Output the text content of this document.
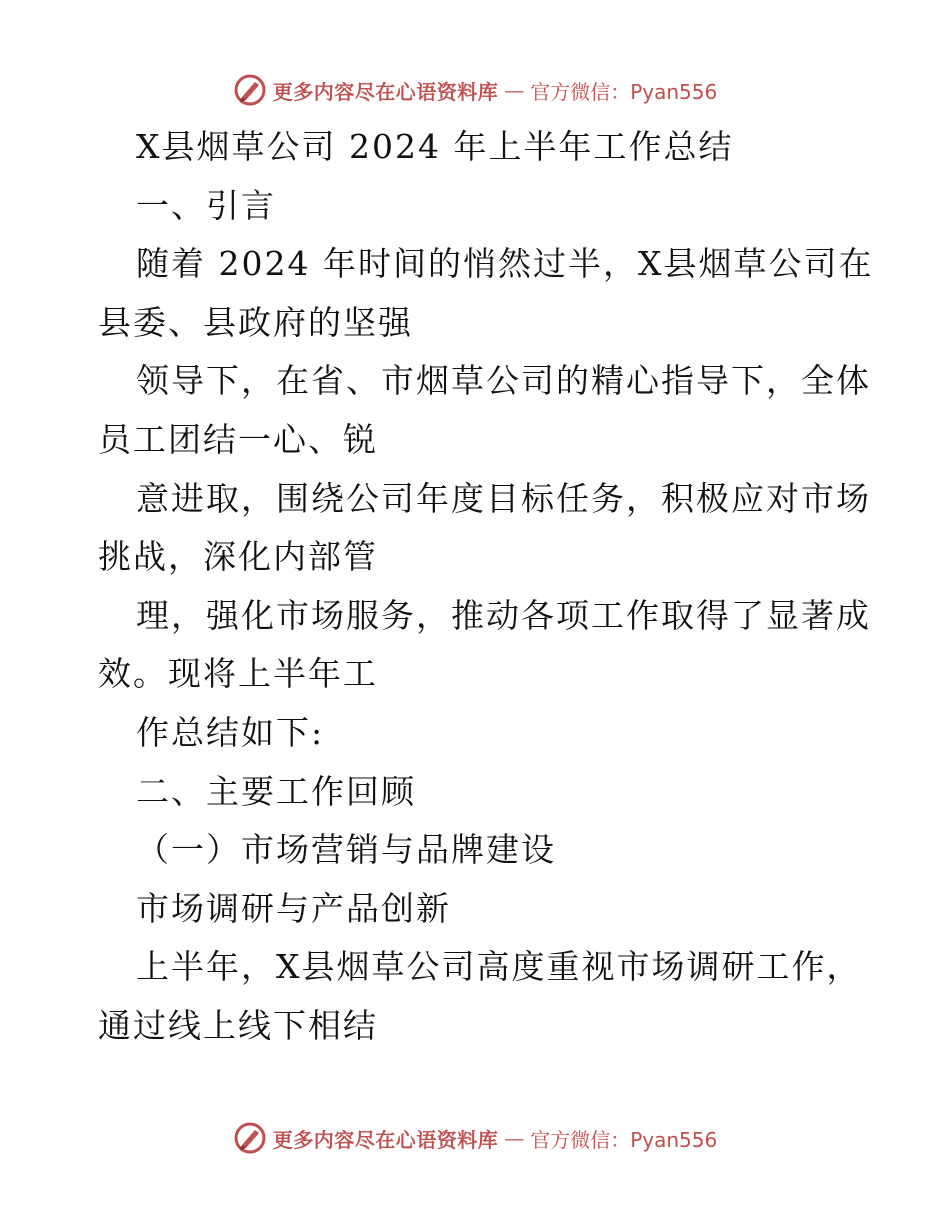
更多内容尽在心语资料库 — 官方微信：Pyan556
X县烟草公司 2024 年上半年工作总结
一、引言
随着 2024 年时间的悄然过半，X县烟草公司在
县委、县政府的坚强
领导下，在省、市烟草公司的精心指导下，全体
员工团结一心、锐
意进取，围绕公司年度目标任务，积极应对市场
挑战，深化内部管
理，强化市场服务，推动各项工作取得了显著成
效。现将上半年工
作总结如下:
二、主要工作回顾
（一）市场营销与品牌建设
市场调研与产品创新
上半年，X县烟草公司高度重视市场调研工作，
通过线上线下相结
更多内容尽在心语资料库 — 官方微信：Pyan556
